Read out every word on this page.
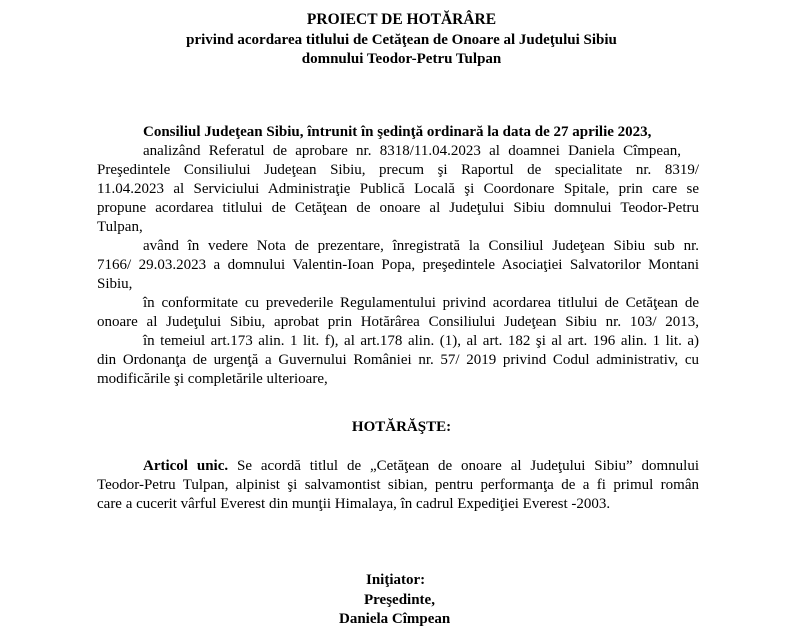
PROIECT DE HOTĂRÂRE
privind acordarea titlului de Cetăţean de Onoare al Judeţului Sibiu
domnului Teodor-Petru Tulpan
Consiliul Judeţean Sibiu, întrunit în şedinţă ordinară la data de 27 aprilie 2023,
analizând Referatul de aprobare nr. 8318/11.04.2023 al doamnei Daniela Cîmpean,
Preşedintele Consiliului Judeţean Sibiu, precum şi Raportul de specialitate nr. 8319/
11.04.2023 al Serviciului Administraţie Publică Locală şi Coordonare Spitale, prin care se
propune acordarea titlului de Cetăţean de onoare al Judeţului Sibiu domnului Teodor-Petru
Tulpan,
având în vedere Nota de prezentare, înregistrată la Consiliul Judeţean Sibiu sub nr.
7166/ 29.03.2023 a domnului Valentin-Ioan Popa, preşedintele Asociaţiei Salvatorilor Montani
Sibiu,
în conformitate cu prevederile Regulamentului privind acordarea titlului de Cetăţean de
onoare al Judeţului Sibiu, aprobat prin Hotărârea Consiliului Judeţean Sibiu nr. 103/ 2013,
în temeiul art.173 alin. 1 lit. f), al art.178 alin. (1), al art. 182 şi al art. 196 alin. 1 lit. a)
din Ordonanţa de urgenţă a Guvernului României nr. 57/ 2019 privind Codul administrativ, cu
modificările şi completările ulterioare,
HOTĂRĂŞTE:
Articol unic. Se acordă titlul de „Cetăţean de onoare al Judeţului Sibiu” domnului
Teodor-Petru Tulpan, alpinist şi salvamontist sibian, pentru performanţa de a fi primul român
care a cucerit vârful Everest din munţii Himalaya, în cadrul Expediţiei Everest -2003.
Iniţiator:
Preşedinte,
Daniela Cîmpean
